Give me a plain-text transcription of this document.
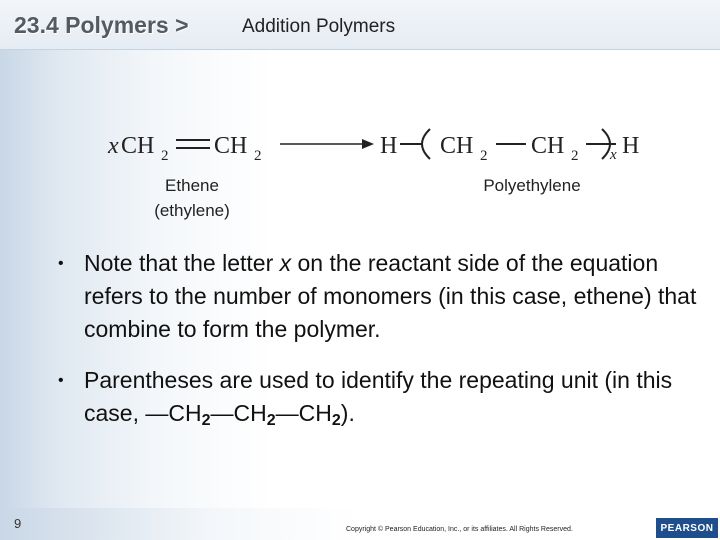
23.4 Polymers >	Addition Polymers
x CH 2 CH 2	H CH 2 CH 2 x H
Ethene
(ethylene)
Polyethylene
• Note that the letter x on the reactant side of the equation refers to the number of monomers (in this case, ethene) that combine to form the polymer.
• Parentheses are used to identify the repeating unit (in this case, $—CH_2—CH_2—CH_2$).
9	Copyright © Pearson Education, Inc., or its affiliates. All Rights Reserved.	PEARSON
